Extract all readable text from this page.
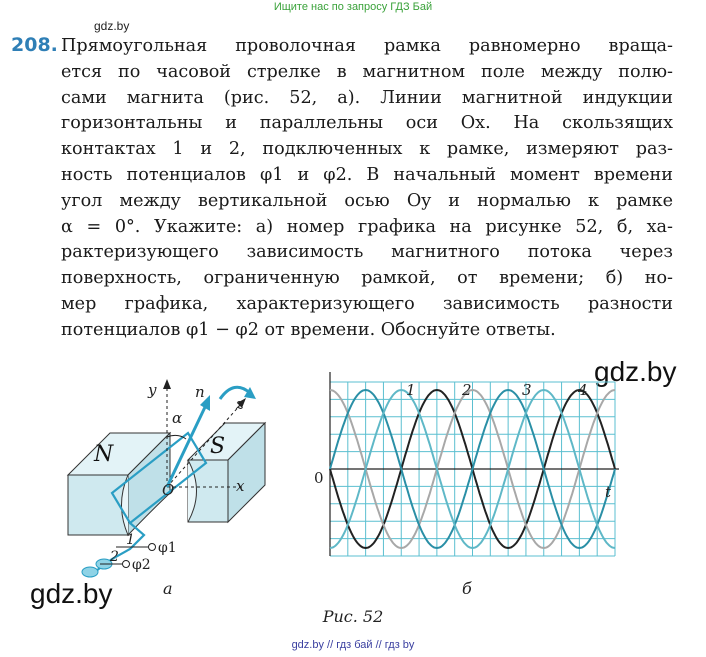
Ищите нас по запросу ГДЗ Бай
gdz.by
208. Прямоугольная проволочная рамка равномерно враща-
ется по часовой стрелке в магнитном поле между полю-
сами магнита (рис. 52, а). Линии магнитной индукции
горизонтальны и параллельны оси Ox. На скользящих
контактах 1 и 2, подключенных к рамке, измеряют раз-
ность потенциалов φ1 и φ2. В начальный момент времени
угол между вертикальной осью Oy и нормалью к рамке
α = 0°. Укажите: а) номер графика на рисунке 52, б, ха-
рактеризующего зависимость магнитного потока через
поверхность, ограниченную рамкой, от времени; б) но-
мер графика, характеризующего зависимость разности
потенциалов φ1 − φ2 от времени. Обоснуйте ответы.
gdz.by
N	S
y
x
z
n
α
O
1 φ1
2 φ2
gdz.by	а
1	2	3	4
0
t
б
Рис. 52
gdz.by // гдз бай // гдз by
